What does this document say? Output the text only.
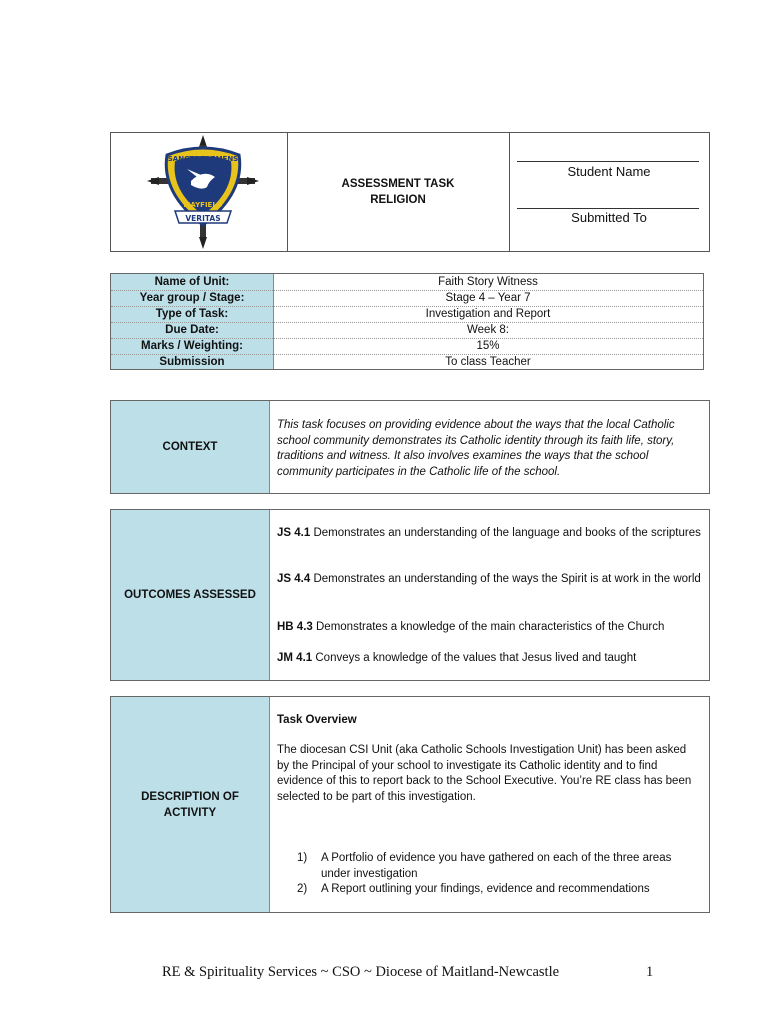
SANCTE CLEMENS
MAYFIELD
VERITAS
ASSESSMENT TASK
RELIGION
Student Name
Submitted To
Name of Unit:	Faith Story Witness
Year group / Stage:	Stage 4 – Year 7
Type of Task:	Investigation and Report
Due Date:	Week 8:
Marks / Weighting:	15%
Submission	To class Teacher
CONTEXT
This task focuses on providing evidence about the ways that the local Catholic school community demonstrates its Catholic identity through its faith life, story, traditions and witness. It also involves examines the ways that the school community participates in the Catholic life of the school.
OUTCOMES ASSESSED
JS 4.1 Demonstrates an understanding of the language and books of the scriptures
JS 4.4 Demonstrates an understanding of the ways the Spirit is at work in the world
HB 4.3 Demonstrates a knowledge of the main characteristics of the Church
JM 4.1 Conveys a knowledge of the values that Jesus lived and taught
DESCRIPTION OF
ACTIVITY
Task Overview
The diocesan CSI Unit (aka Catholic Schools Investigation Unit) has been asked by the Principal of your school to investigate its Catholic identity and to find evidence of this to report back to the School Executive. You’re RE class has been selected to be part of this investigation.
1) A Portfolio of evidence you have gathered on each of the three areas under investigation
2) A Report outlining your findings, evidence and recommendations
RE & Spirituality Services ~ CSO ~ Diocese of Maitland-Newcastle	1
